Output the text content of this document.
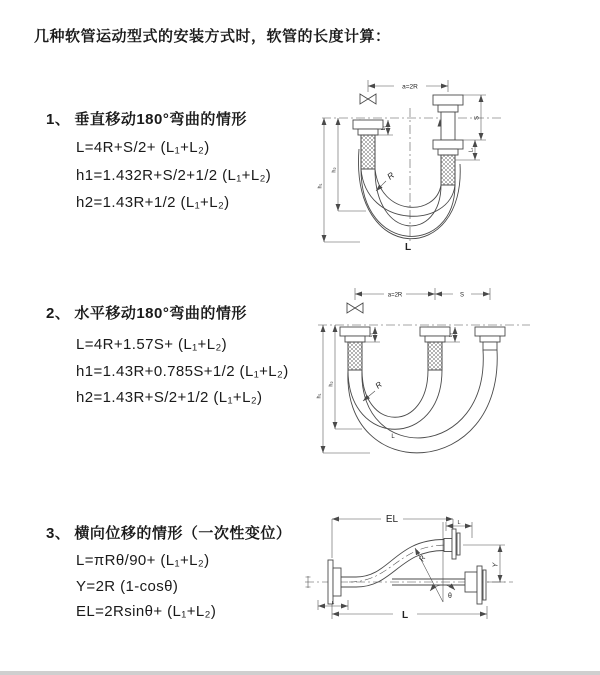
几种软管运动型式的安装方式时，软管的长度计算：
1、 垂直移动180°弯曲的情形
L=4R+S/2+ (L₁+L₂)
h1=1.432R+S/2+1/2 (L₁+L₂)
h2=1.43R+1/2 (L₁+L₂)
2、 水平移动180°弯曲的情形
L=4R+1.57S+ (L₁+L₂)
h1=1.43R+0.785S+1/2 (L₁+L₂)
h2=1.43R+S/2+1/2 (L₁+L₂)
3、 横向位移的情形（一次性变位）
L=πRθ/90+ (L₁+L₂)
Y=2R (1-cosθ)
EL=2Rsinθ+ (L₁+L₂)
a=2R
h₁
h₂
L₁
S
L₂
R
L
a=2R	S
h₁
h₂
L₁	L₂
R
L
EL	L
Y
R
θ
L
L
